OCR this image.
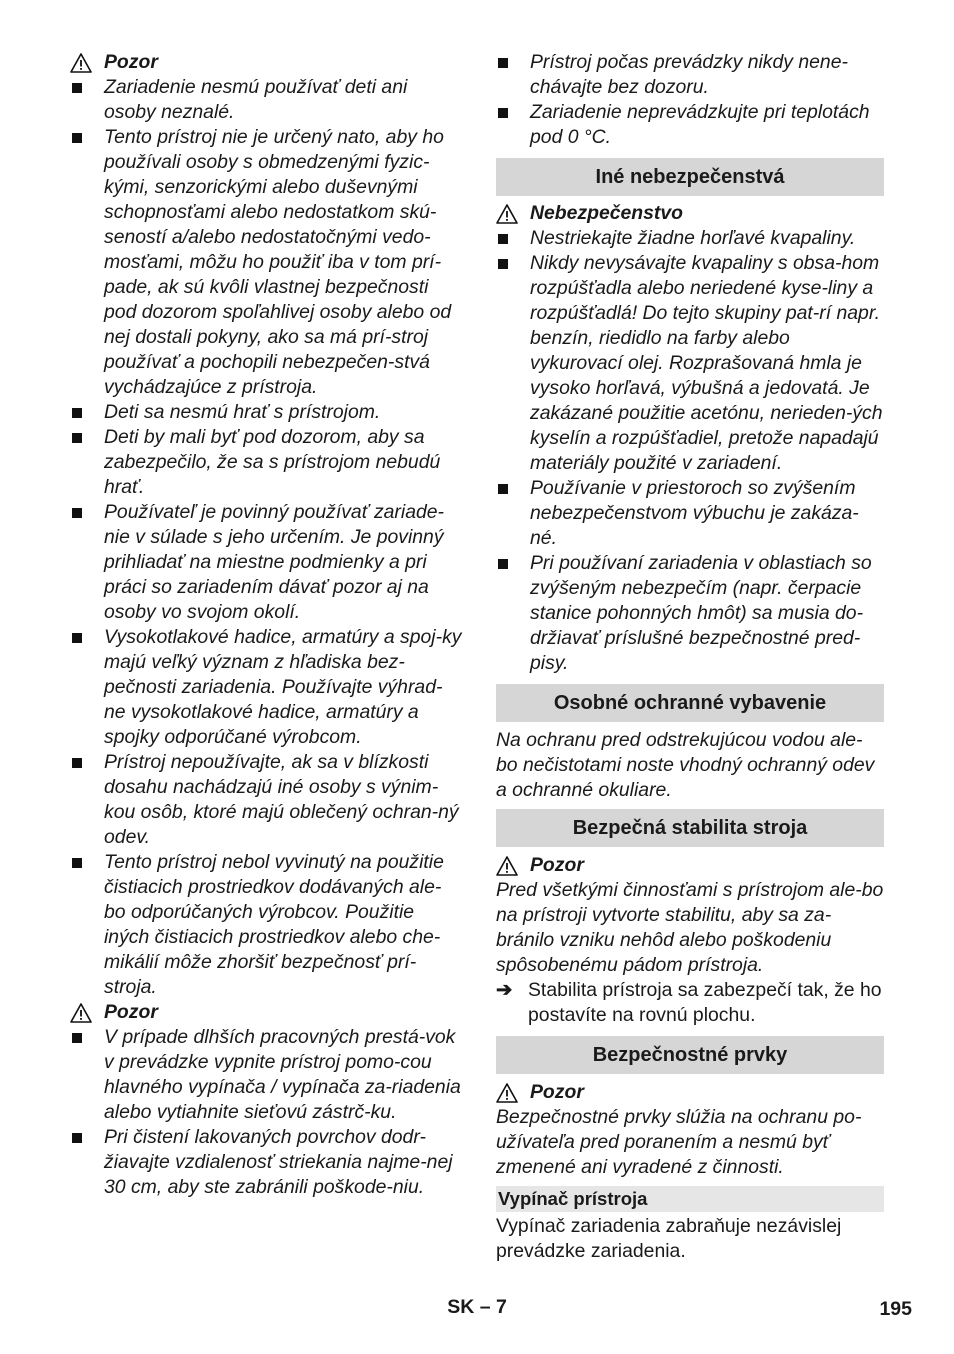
Pozor
Zariadenie nesmú používať deti ani osoby neznalé.
Tento prístroj nie je určený nato, aby ho používali osoby s obmedzenými fyzic-kými, senzorickými alebo duševnými schopnosťami alebo nedostatkom skú-seností a/alebo nedostatočnými vedo-mosťami, môžu ho použiť iba v tom prí-pade, ak sú kvôli vlastnej bezpečnosti pod dozorom spoľahlivej osoby alebo od nej dostali pokyny, ako sa má prí-stroj používať a pochopili nebezpečen-stvá vychádzajúce z prístroja.
Deti sa nesmú hrať s prístrojom.
Deti by mali byť pod dozorom, aby sa zabezpečilo, že sa s prístrojom nebudú hrať.
Používateľ je povinný používať zariade-nie v súlade s jeho určením. Je povinný prihliadať na miestne podmienky a pri práci so zariadením dávať pozor aj na osoby vo svojom okolí.
Vysokotlakové hadice, armatúry a spoj-ky majú veľký význam z hľadiska bez-pečnosti zariadenia. Používajte výhrad-ne vysokotlakové hadice, armatúry a spojky odporúčané výrobcom.
Prístroj nepoužívajte, ak sa v blízkosti dosahu nachádzajú iné osoby s výnim-kou osôb, ktoré majú oblečený ochran-ný odev.
Tento prístroj nebol vyvinutý na použitie čistiacich prostriedkov dodávaných ale-bo odporúčaných výrobcov. Použitie iných čistiacich prostriedkov alebo che-mikálií môže zhoršiť bezpečnosť prí-stroja.
Pozor
V prípade dlhších pracovných prestá-vok v prevádzke vypnite prístroj pomo-cou hlavného vypínača / vypínača za-riadenia alebo vytiahnite sieťovú zástrč-ku.
Pri čistení lakovaných povrchov dodr-žiavajte vzdialenosť striekania najme-nej 30 cm, aby ste zabránili poškode-niu.
Prístroj počas prevádzky nikdy nene-chávajte bez dozoru.
Zariadenie neprevádzkujte pri teplotách pod 0 °C.
Iné nebezpečenstvá
Nebezpečenstvo
Nestriekajte žiadne horľavé kvapaliny.
Nikdy nevysávajte kvapaliny s obsa-hom rozpúšťadla alebo neriedené kyse-liny a rozpúšťadlá! Do tejto skupiny pat-rí napr. benzín, riedidlo na farby alebo vykurovací olej. Rozprašovaná hmla je vysoko horľavá, výbušná a jedovatá. Je zakázané použitie acetónu, nerieden-ých kyselín a rozpúšťadiel, pretože napadajú materiály použité v zariadení.
Používanie v priestoroch so zvýšením nebezpečenstvom výbuchu je zakáza-né.
Pri používaní zariadenia v oblastiach so zvýšeným nebezpečím (napr. čerpacie stanice pohonných hmôt) sa musia do-držiavať príslušné bezpečnostné pred-pisy.
Osobné ochranné vybavenie
Na ochranu pred odstrekujúcou vodou ale-bo nečistotami noste vhodný ochranný odev a ochranné okuliare.
Bezpečná stabilita stroja
Pozor
Pred všetkými činnosťami s prístrojom ale-bo na prístroji vytvorte stabilitu, aby sa za-bránilo vzniku nehôd alebo poškodeniu spôsobenému pádom prístroja.
➔ Stabilita prístroja sa zabezpečí tak, že ho postavíte na rovnú plochu.
Bezpečnostné prvky
Pozor
Bezpečnostné prvky slúžia na ochranu po-užívateľa pred poranením a nesmú byť zmenené ani vyradené z činnosti.
Vypínač prístroja
Vypínač zariadenia zabraňuje nezávislej prevádzke zariadenia.
SK – 7	195
